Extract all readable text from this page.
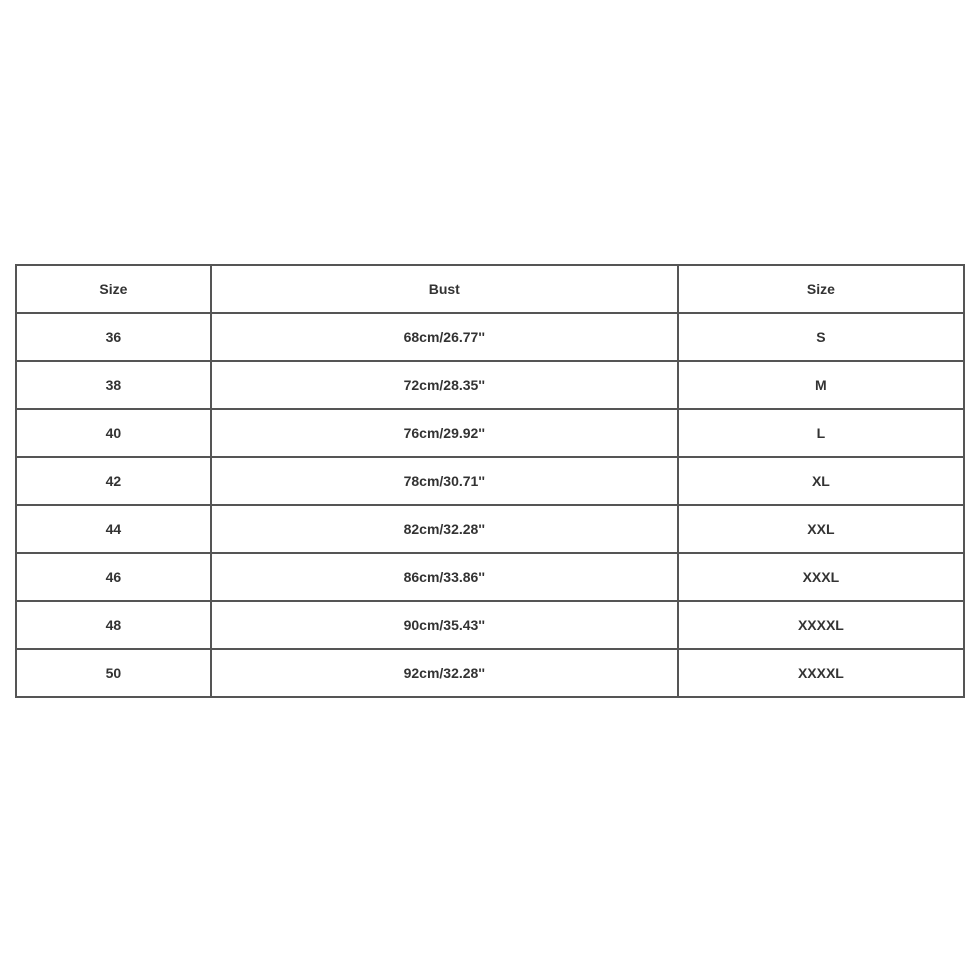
Size	Bust	Size
36	68cm/26.77''	S
38	72cm/28.35''	M
40	76cm/29.92''	L
42	78cm/30.71''	XL
44	82cm/32.28''	XXL
46	86cm/33.86''	XXXL
48	90cm/35.43''	XXXXL
50	92cm/32.28''	XXXXL
